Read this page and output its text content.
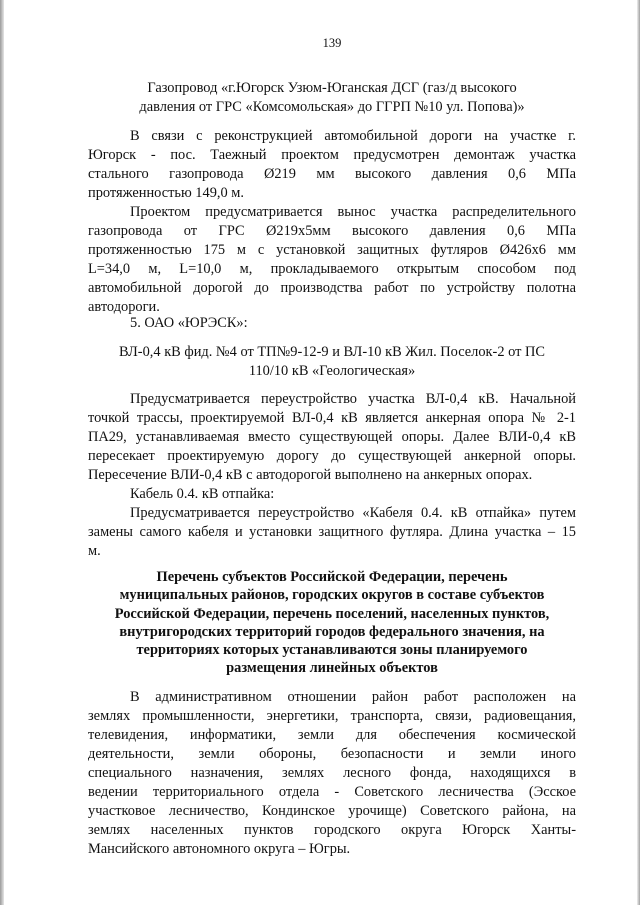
139
Газопровод «г.Югорск Узюм-Юганская ДСГ (газ/д высокого
давления от ГРС «Комсомольская» до ГГРП №10 ул. Попова)»
В связи с реконструкцией автомобильной дороги на участке г.
Югорск - пос. Таежный проектом предусмотрен демонтаж участка
стального газопровода Ø219 мм высокого давления 0,6 МПа
протяженностью 149,0 м.
Проектом предусматривается вынос участка распределительного
газопровода от ГРС Ø219х5мм высокого давления 0,6 МПа
протяженностью 175 м с установкой защитных футляров Ø426х6 мм
L=34,0 м, L=10,0 м, прокладываемого открытым способом под
автомобильной дорогой до производства работ по устройству полотна
автодороги.
5. ОАО «ЮРЭСК»:
ВЛ-0,4 кВ фид. №4 от ТП№9-12-9 и ВЛ-10 кВ Жил. Поселок-2 от ПС
110/10 кВ «Геологическая»
Предусматривается переустройство участка ВЛ-0,4 кВ. Начальной
точкой трассы, проектируемой ВЛ-0,4 кВ является анкерная опора № 2-1
ПА29, устанавливаемая вместо существующей опоры. Далее ВЛИ-0,4 кВ
пересекает проектируемую дорогу до существующей анкерной опоры.
Пересечение ВЛИ-0,4 кВ с автодорогой выполнено на анкерных опорах.
Кабель 0.4. кВ отпайка:
Предусматривается переустройство «Кабеля 0.4. кВ отпайка» путем
замены самого кабеля и установки защитного футляра. Длина участка – 15
м.
Перечень субъектов Российской Федерации, перечень
муниципальных районов, городских округов в составе субъектов
Российской Федерации, перечень поселений, населенных пунктов,
внутригородских территорий городов федерального значения, на
территориях которых устанавливаются зоны планируемого
размещения линейных объектов
В административном отношении район работ расположен на
землях промышленности, энергетики, транспорта, связи, радиовещания,
телевидения, информатики, земли для обеспечения космической
деятельности, земли обороны, безопасности и земли иного
специального назначения, землях лесного фонда, находящихся в
ведении территориального отдела - Советского лесничества (Эсское
участковое лесничество, Кондинское урочище) Советского района, на
землях населенных пунктов городского округа Югорск Ханты-
Мансийского автономного округа – Югры.
